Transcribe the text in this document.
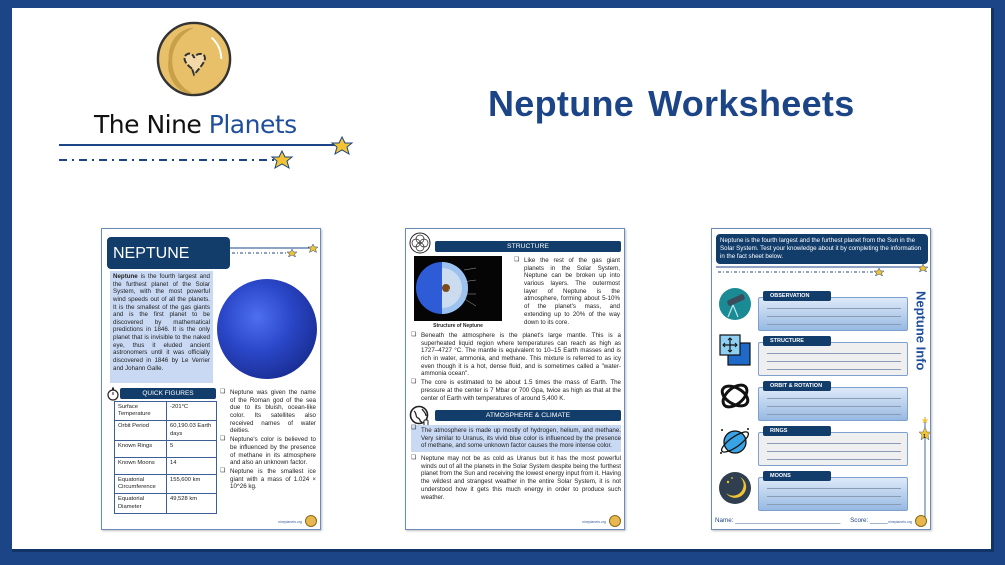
The Nine Planets
Neptune Worksheets
NEPTUNE
Neptune is the fourth largest and the furthest planet of the Solar System, with the most powerful wind speeds out of all the planets. It is the smallest of the gas giants and is the first planet to be discovered by mathematical predictions in 1846. It is the only planet that is invisible to the naked eye, thus it eluded ancient astronomers until it was officially discovered in 1846 by Le Verrier and Johann Galle.
QUICK FIGURES
Surface Temperature	-201°C
Orbit Period	60,190.03 Earth days
Known Rings	5
Known Moons	14
Equatorial Circumference	155,600 km
Equatorial Diameter	49,528 km
❏ Neptune was given the name of the Roman god of the sea due to its bluish, ocean-like color. Its satellites also received names of water deities.
❏ Neptune's color is believed to be influenced by the presence of methane in its atmosphere and also an unknown factor.
❏ Neptune is the smallest ice giant with a mass of 1.024 × 10^26 kg.
nineplanets.org
STRUCTURE
Structure of Neptune
❏ Like the rest of the gas giant planets in the Solar System, Neptune can be broken up into various layers. The outermost layer of Neptune is the atmosphere, forming about 5-10% of the planet's mass, and extending up to 20% of the way down to its core.
❏ Beneath the atmosphere is the planet's large mantle. This is a superheated liquid region where temperatures can reach as high as 1727–4727 °C. The mantle is equivalent to 10–15 Earth masses and is rich in water, ammonia, and methane. This mixture is referred to as icy even though it is a hot, dense fluid, and is sometimes called a "water-ammonia ocean".
❏ The core is estimated to be about 1.5 times the mass of Earth. The pressure at the center is 7 Mbar or 700 Gpa, twice as high as that at the center of Earth with temperatures of around 5,400 K.
ATMOSPHERE & CLIMATE
❏ The atmosphere is made up mostly of hydrogen, helium, and methane. Very similar to Uranus, its vivid blue color is influenced by the presence of methane, and some unknown factor causes the more intense color.
❏ Neptune may not be as cold as Uranus but it has the most powerful winds out of all the planets in the Solar System despite being the furthest planet from the Sun and receiving the lowest energy input from it. Having the wildest and strangest weather in the entire Solar System, it is not understood how it gets this much energy in order to produce such weather.
nineplanets.org
Neptune is the fourth largest and the furthest planet from the Sun in the Solar System. Test your knowledge about it by completing the information in the fact sheet below.
Neptune Info
OBSERVATION
STRUCTURE
ORBIT & ROTATION
RINGS
MOONS
1
Name: ______________________________ Score: _____ nineplanets.org
